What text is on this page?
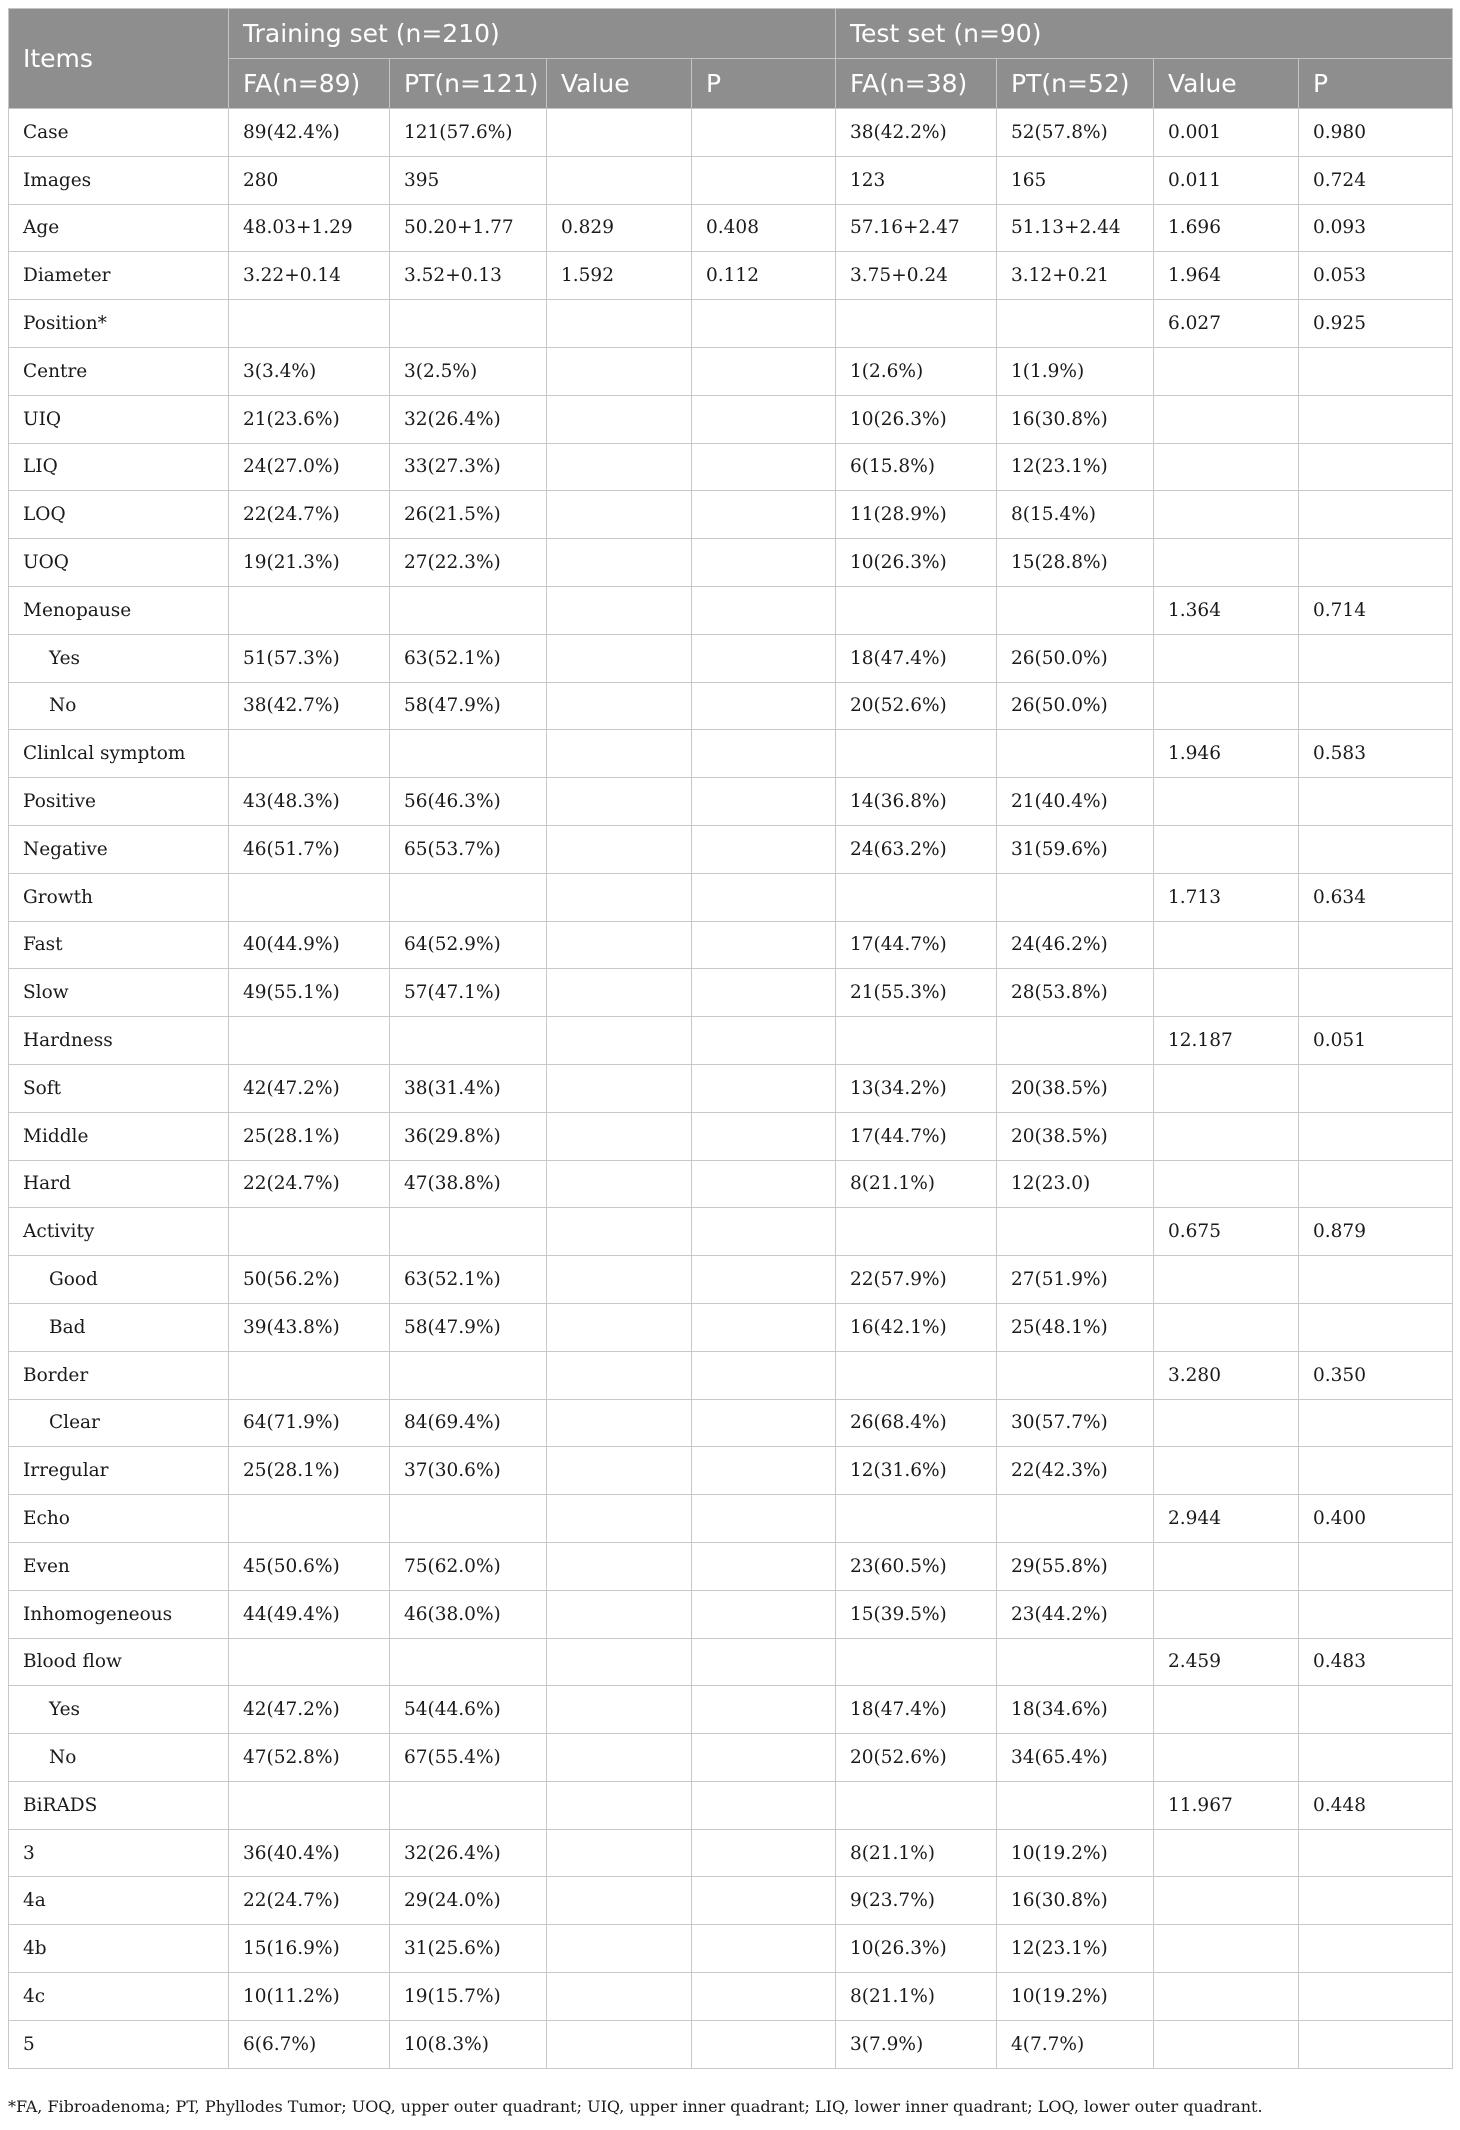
Items	Training set (n=210)				Test set (n=90)			
	FA(n=89)	PT(n=121)	Value	P	FA(n=38)	PT(n=52)	Value	P
Case	89(42.4%)	121(57.6%)			38(42.2%)	52(57.8%)	0.001	0.980
Images	280	395			123	165	0.011	0.724
Age	48.03+1.29	50.20+1.77	0.829	0.408	57.16+2.47	51.13+2.44	1.696	0.093
Diameter	3.22+0.14	3.52+0.13	1.592	0.112	3.75+0.24	3.12+0.21	1.964	0.053
Position*							6.027	0.925
Centre	3(3.4%)	3(2.5%)			1(2.6%)	1(1.9%)		
UIQ	21(23.6%)	32(26.4%)			10(26.3%)	16(30.8%)		
LIQ	24(27.0%)	33(27.3%)			6(15.8%)	12(23.1%)		
LOQ	22(24.7%)	26(21.5%)			11(28.9%)	8(15.4%)		
UOQ	19(21.3%)	27(22.3%)			10(26.3%)	15(28.8%)		
Menopause							1.364	0.714
Yes	51(57.3%)	63(52.1%)			18(47.4%)	26(50.0%)		
No	38(42.7%)	58(47.9%)			20(52.6%)	26(50.0%)		
Clinlcal symptom							1.946	0.583
Positive	43(48.3%)	56(46.3%)			14(36.8%)	21(40.4%)		
Negative	46(51.7%)	65(53.7%)			24(63.2%)	31(59.6%)		
Growth							1.713	0.634
Fast	40(44.9%)	64(52.9%)			17(44.7%)	24(46.2%)		
Slow	49(55.1%)	57(47.1%)			21(55.3%)	28(53.8%)		
Hardness							12.187	0.051
Soft	42(47.2%)	38(31.4%)			13(34.2%)	20(38.5%)		
Middle	25(28.1%)	36(29.8%)			17(44.7%)	20(38.5%)		
Hard	22(24.7%)	47(38.8%)			8(21.1%)	12(23.0)		
Activity							0.675	0.879
Good	50(56.2%)	63(52.1%)			22(57.9%)	27(51.9%)		
Bad	39(43.8%)	58(47.9%)			16(42.1%)	25(48.1%)		
Border							3.280	0.350
Clear	64(71.9%)	84(69.4%)			26(68.4%)	30(57.7%)		
Irregular	25(28.1%)	37(30.6%)			12(31.6%)	22(42.3%)		
Echo							2.944	0.400
Even	45(50.6%)	75(62.0%)			23(60.5%)	29(55.8%)		
Inhomogeneous	44(49.4%)	46(38.0%)			15(39.5%)	23(44.2%)		
Blood flow							2.459	0.483
Yes	42(47.2%)	54(44.6%)			18(47.4%)	18(34.6%)		
No	47(52.8%)	67(55.4%)			20(52.6%)	34(65.4%)		
BiRADS							11.967	0.448
3	36(40.4%)	32(26.4%)			8(21.1%)	10(19.2%)		
4a	22(24.7%)	29(24.0%)			9(23.7%)	16(30.8%)		
4b	15(16.9%)	31(25.6%)			10(26.3%)	12(23.1%)		
4c	10(11.2%)	19(15.7%)			8(21.1%)	10(19.2%)		
5	6(6.7%)	10(8.3%)			3(7.9%)	4(7.7%)		
*FA, Fibroadenoma; PT, Phyllodes Tumor; UOQ, upper outer quadrant; UIQ, upper inner quadrant; LIQ, lower inner quadrant; LOQ, lower outer quadrant.
